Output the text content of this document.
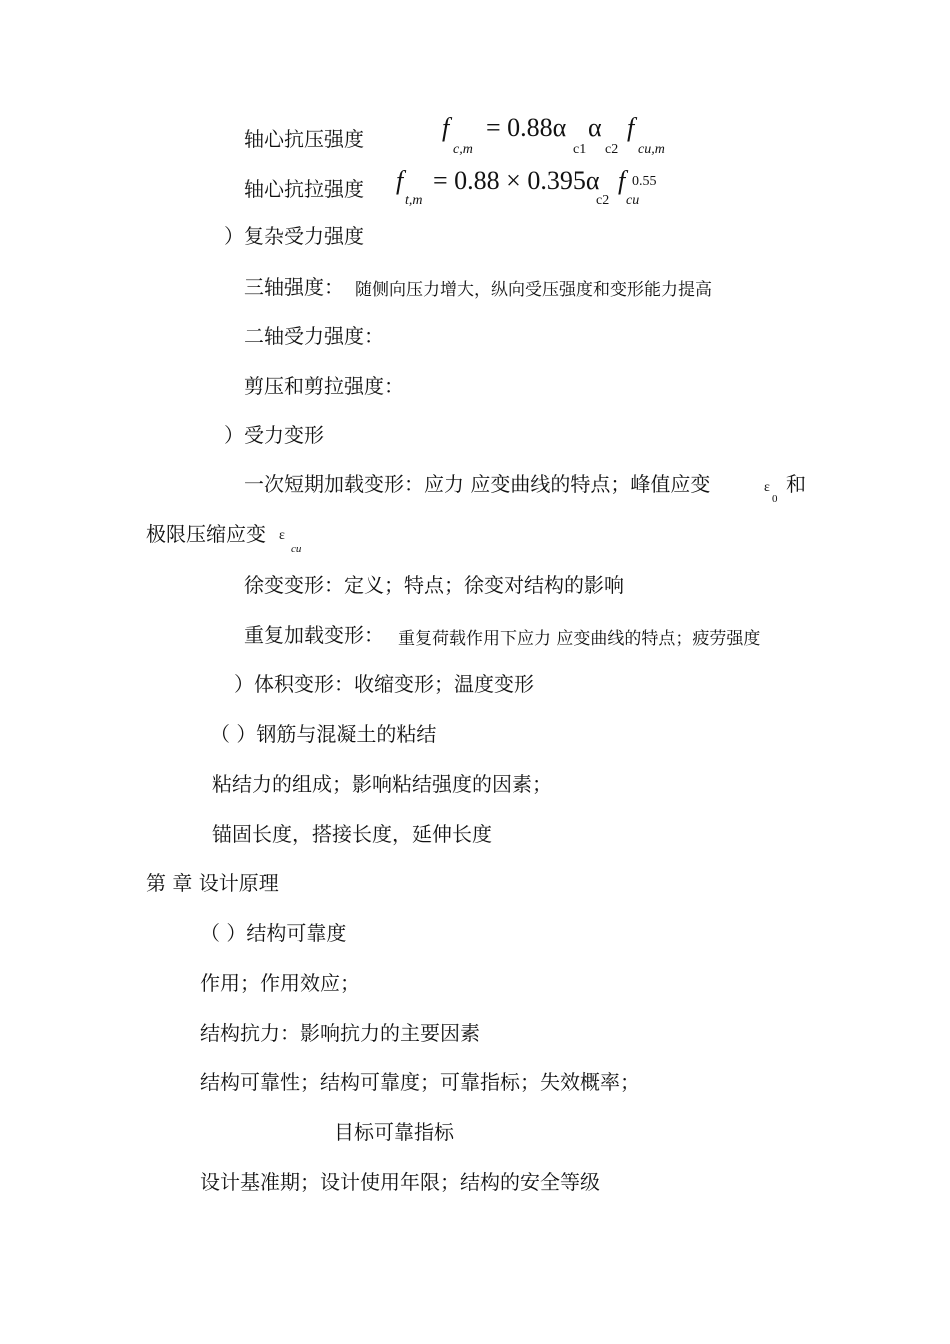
轴心抗压强度	f
c,m
= 0.88α
c1
α
c2
f
cu,m
轴心抗拉强度 f
t,m
= 0.88 × 0.395α
c2
f 0.55
cu
）复杂受力强度
三轴强度： 随侧向压力增大，纵向受压强度和变形能力提高
二轴受力强度：
剪压和剪拉强度：
）受力变形
一次短期加载变形：应力 应变曲线的特点；峰值应变	ε
0
和
极限压缩应变 ε
cu
徐变变形：定义；特点；徐变对结构的影响
重复加载变形： 重复荷载作用下应力 应变曲线的特点；疲劳强度
）体积变形：收缩变形；温度变形
（ ）钢筋与混凝土的粘结
粘结力的组成；影响粘结强度的因素；
锚固长度，搭接长度，延伸长度
第 章 设计原理
（ ）结构可靠度
作用；作用效应；
结构抗力：影响抗力的主要因素
结构可靠性；结构可靠度；可靠指标；失效概率；
目标可靠指标
设计基准期；设计使用年限；结构的安全等级
